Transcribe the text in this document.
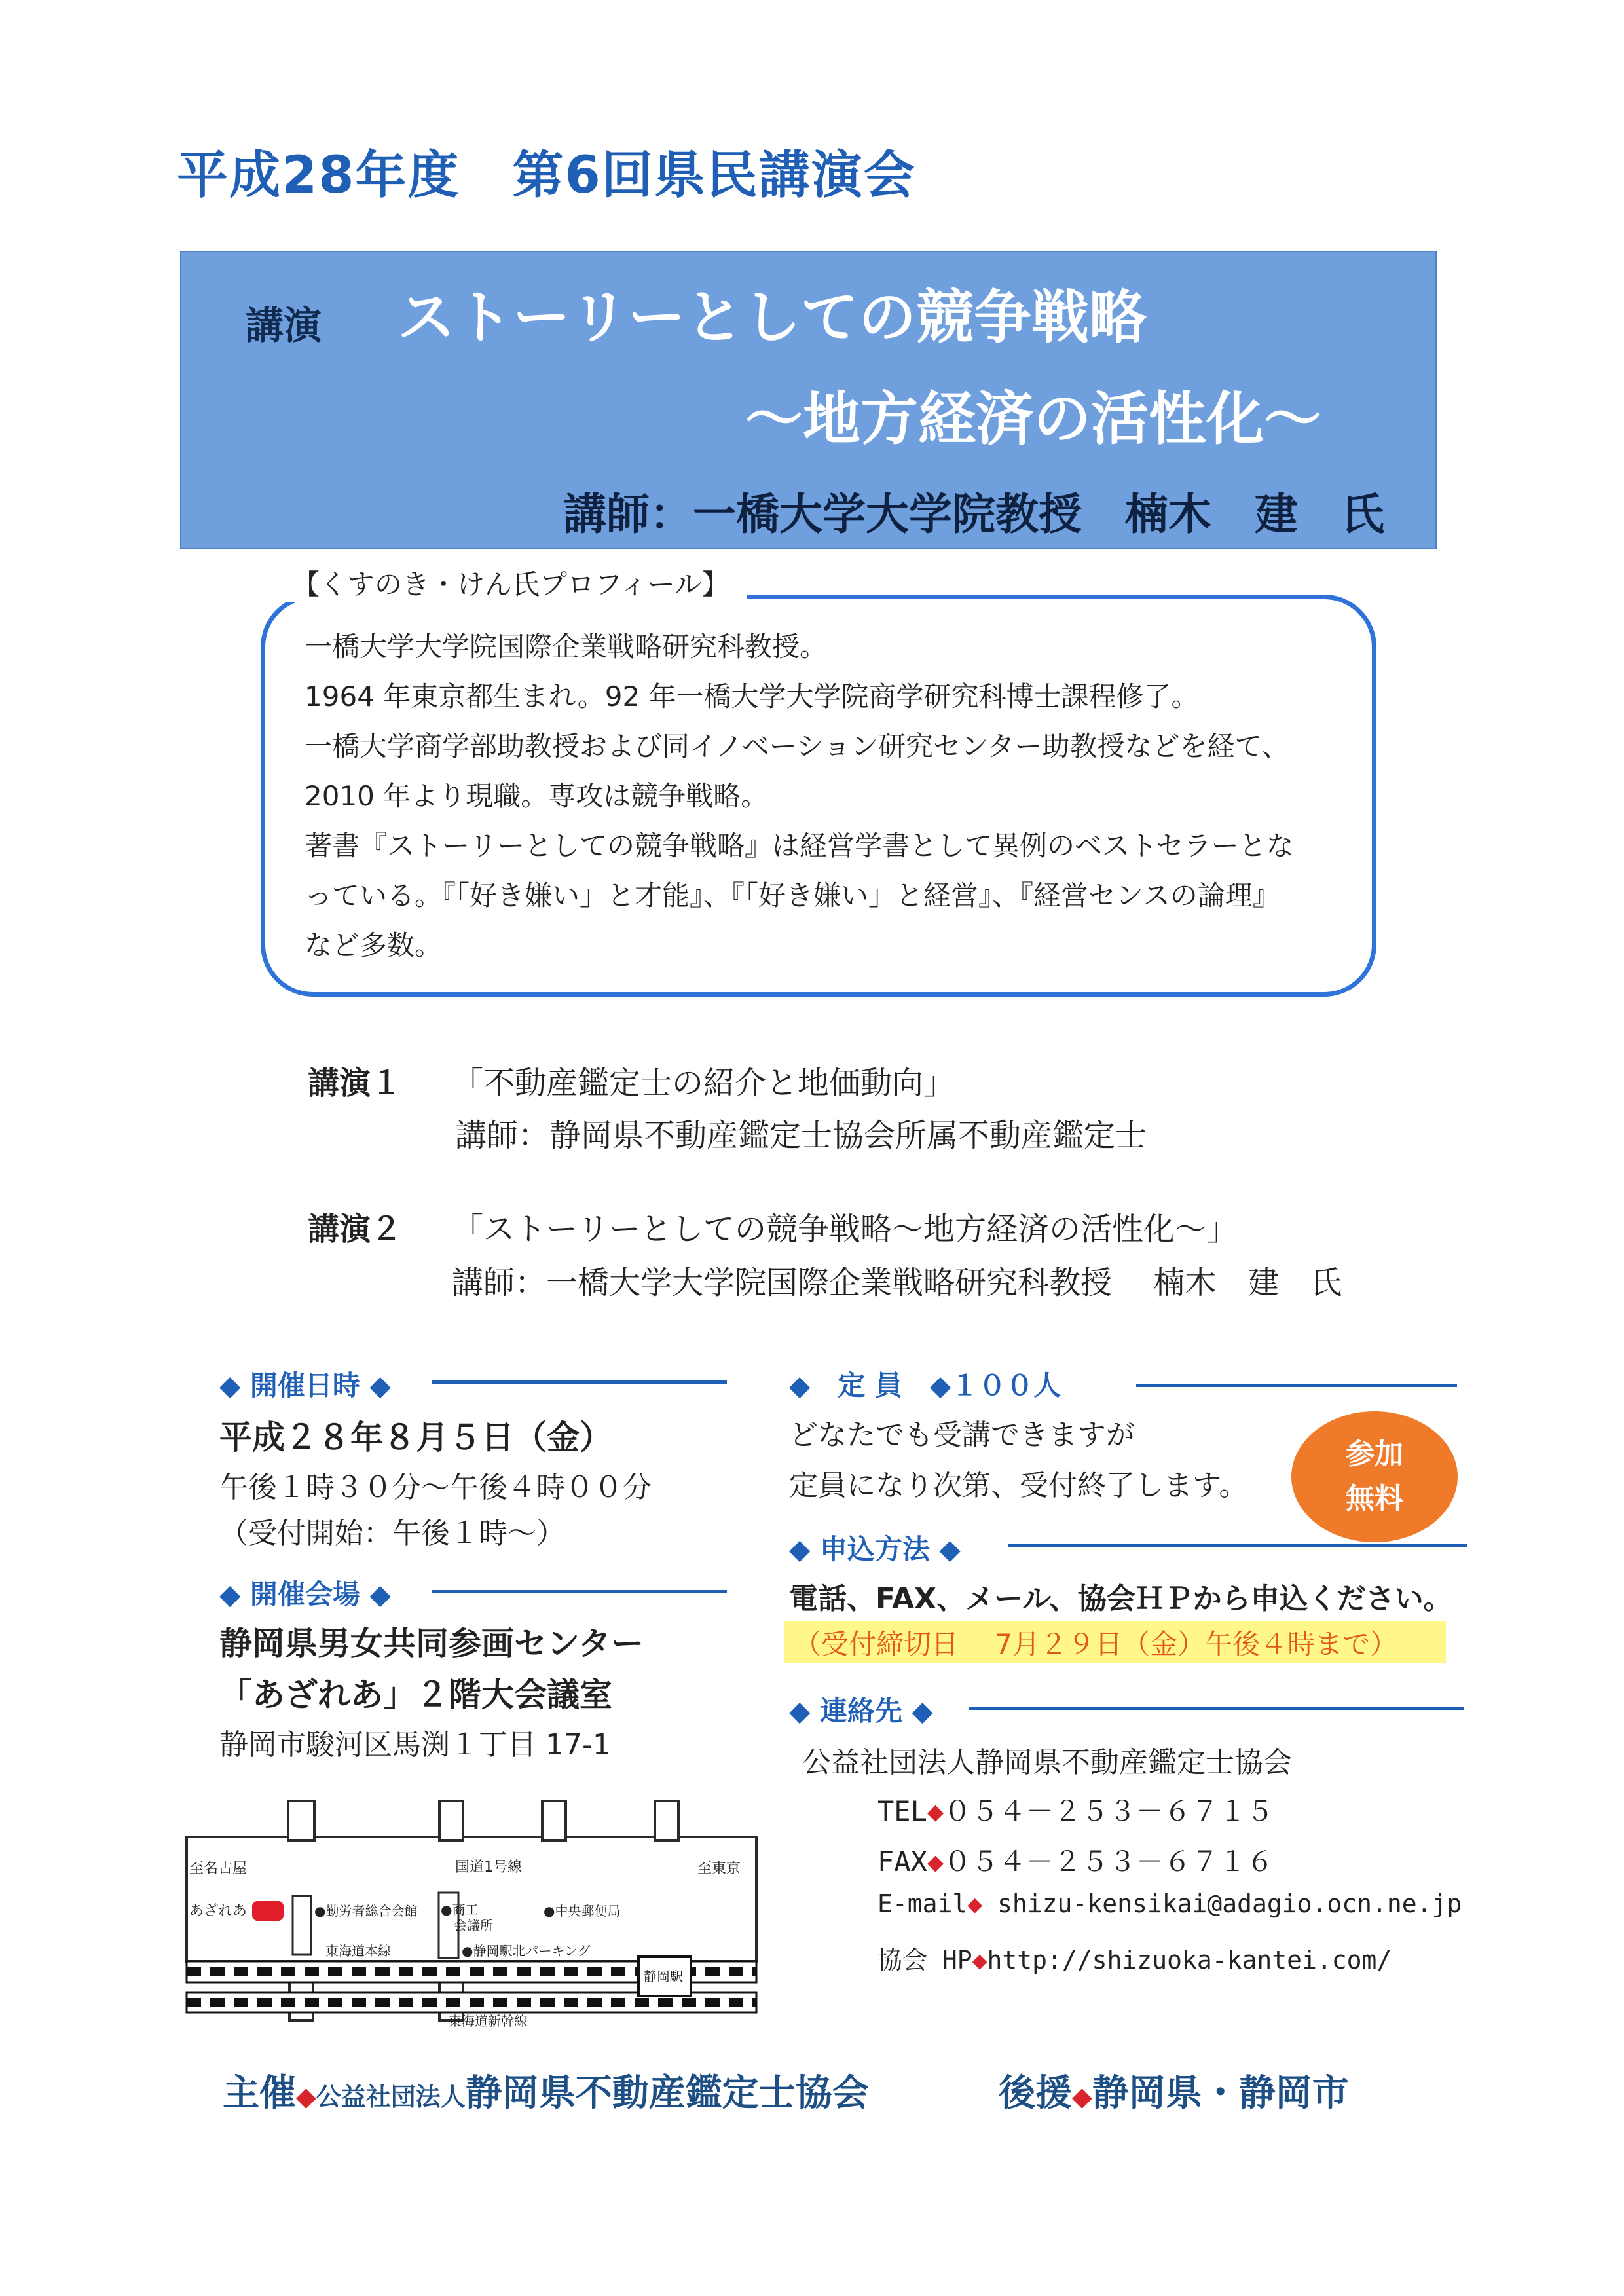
平成28年度　第6回県民講演会
講演 ストーリーとしての競争戦略
～地方経済の活性化～
講師：一橋大学大学院教授　楠木　建　氏
【くすのき・けん氏プロフィール】
一橋大学大学院国際企業戦略研究科教授。
1964 年東京都生まれ。92 年一橋大学大学院商学研究科博士課程修了。
一橋大学商学部助教授および同イノベーション研究センター助教授などを経て、
2010 年より現職。専攻は競争戦略。
著書『ストーリーとしての競争戦略』は経営学書として異例のベストセラーとな
っている。『「好き嫌い」と才能』、『「好き嫌い」と経営』、『経営センスの論理』
など多数。
講演１ 「不動産鑑定士の紹介と地価動向」
講師：静岡県不動産鑑定士協会所属不動産鑑定士
講演２ 「ストーリーとしての競争戦略～地方経済の活性化～」
講師：一橋大学大学院国際企業戦略研究科教授　 楠木　建　氏
◆ 開催日時 ◆
平成２８年８月５日（金）
午後１時３０分～午後４時００分
（受付開始：午後１時～）
◆ 開催会場 ◆
静岡県男女共同参画センター
「あざれあ」２階大会議室
静岡市駿河区馬渕１丁目 17-1
至名古屋	至東京
国道1号線
あざれあ	●勤労者総合会館 ●商工
会議所
●中央郵便局
東海道本線	●静岡駅北パーキング
静岡駅
東海道新幹線
◆　定 員　◆１００人
どなたでも受講できますが
定員になり次第、受付終了します。
参加
無料
◆ 申込方法 ◆
電話、FAX、メール、協会ＨＰから申込ください。
（受付締切日　 7月２９日（金）午後４時まで）
◆ 連絡先 ◆
公益社団法人静岡県不動産鑑定士協会
TEL◆０５４－２５３－６７１５
FAX◆０５４－２５３－６７１６
E-mail◆ shizu-kensikai@adagio.ocn.ne.jp
協会 HP◆http://shizuoka-kantei.com/
主催◆公益社団法人静岡県不動産鑑定士協会	後援◆静岡県・静岡市
